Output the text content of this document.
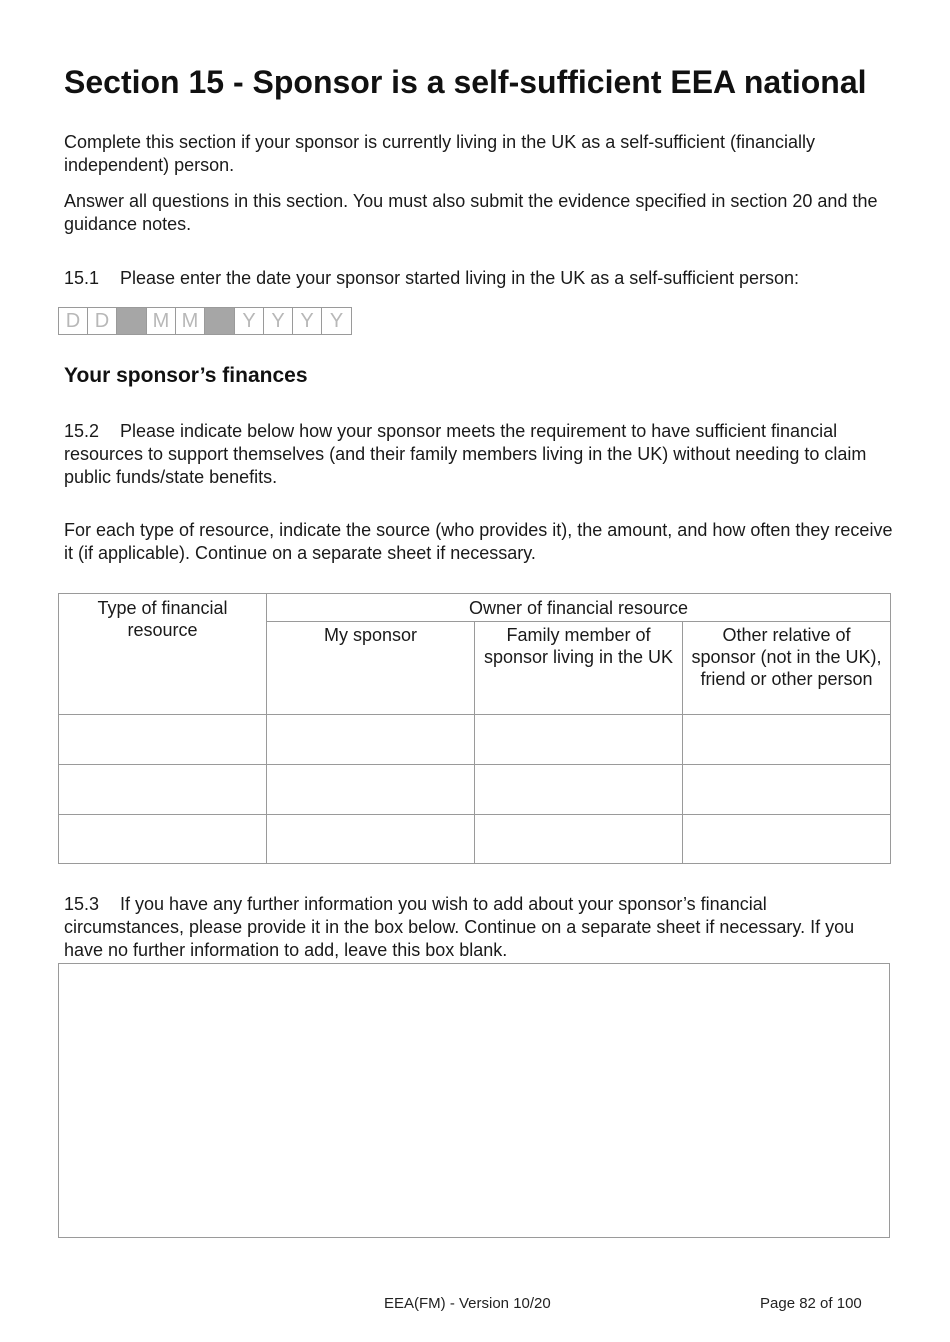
Section 15 - Sponsor is a self-sufficient EEA national

Complete this section if your sponsor is currently living in the UK as a self-sufficient (financially independent) person.

Answer all questions in this section. You must also submit the evidence specified in section 20 and the guidance notes.

15.1 Please enter the date your sponsor started living in the UK as a self-sufficient person:

D D	M M	Y Y Y Y
Your sponsor’s finances

15.2 Please indicate below how your sponsor meets the requirement to have sufficient financial resources to support themselves (and their family members living in the UK) without needing to claim public funds/state benefits.

For each type of resource, indicate the source (who provides it), the amount, and how often they receive it (if applicable). Continue on a separate sheet if necessary.

Type of financial resource	Owner of financial resource		
	My sponsor	Family member of sponsor living in the UK	Other relative of sponsor (not in the UK), friend or other person

15.3 If you have any further information you wish to add about your sponsor’s financial circumstances, please provide it in the box below. Continue on a separate sheet if necessary. If you have no further information to add, leave this box blank.

EEA(FM) - Version 10/20	Page 82 of 100
